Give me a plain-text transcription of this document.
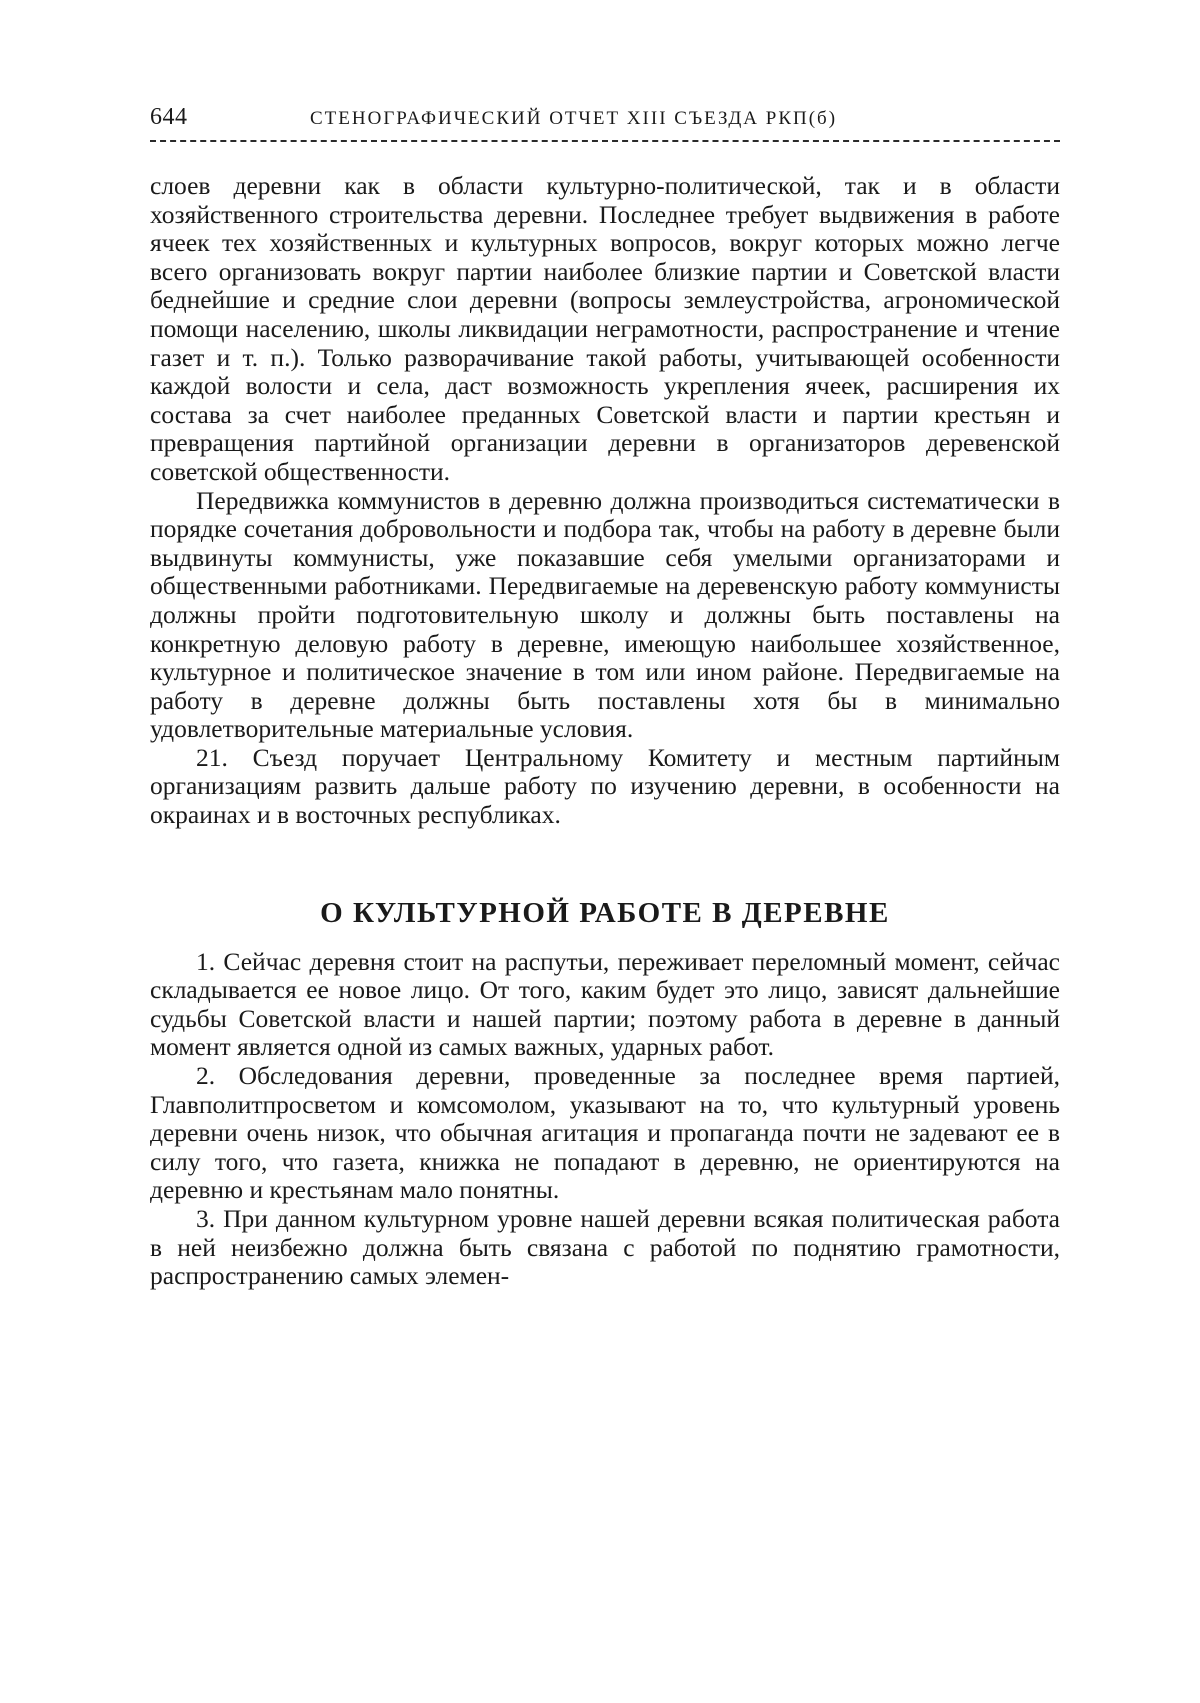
644	СТЕНОГРАФИЧЕСКИЙ ОТЧЕТ XIII СЪЕЗДА РКП(б)

слоев деревни как в области культурно-политической, так и в области хозяйственного строительства деревни. Последнее требует выдвижения в работе ячеек тех хозяйственных и культурных вопросов, вокруг которых можно легче всего организовать вокруг партии наиболее близкие партии и Советской власти беднейшие и средние слои деревни (вопросы землеустройства, агрономической помощи населению, школы ликвидации неграмотности, распространение и чтение газет и т. п.). Только разворачивание такой работы, учитывающей особенности каждой волости и села, даст возможность укрепления ячеек, расширения их состава за счет наиболее преданных Советской власти и партии крестьян и превращения партийной организации деревни в организаторов деревенской советской общественности.

Передвижка коммунистов в деревню должна производиться систематически в порядке сочетания добровольности и подбора так, чтобы на работу в деревне были выдвинуты коммунисты, уже показавшие себя умелыми организаторами и общественными работниками. Передвигаемые на деревенскую работу коммунисты должны пройти подготовительную школу и должны быть поставлены на конкретную деловую работу в деревне, имеющую наибольшее хозяйственное, культурное и политическое значение в том или ином районе. Передвигаемые на работу в деревне должны быть поставлены хотя бы в минимально удовлетворительные материальные условия.

21. Съезд поручает Центральному Комитету и местным партийным организациям развить дальше работу по изучению деревни, в особенности на окраинах и в восточных республиках.

О КУЛЬТУРНОЙ РАБОТЕ В ДЕРЕВНЕ

1. Сейчас деревня стоит на распутьи, переживает переломный момент, сейчас складывается ее новое лицо. От того, каким будет это лицо, зависят дальнейшие судьбы Советской власти и нашей партии; поэтому работа в деревне в данный момент является одной из самых важных, ударных работ.

2. Обследования деревни, проведенные за последнее время партией, Главполитпросветом и комсомолом, указывают на то, что культурный уровень деревни очень низок, что обычная агитация и пропаганда почти не задевают ее в силу того, что газета, книжка не попадают в деревню, не ориентируются на деревню и крестьянам мало понятны.

3. При данном культурном уровне нашей деревни всякая политическая работа в ней неизбежно должна быть связана с работой по поднятию грамотности, распространению самых элемен-
